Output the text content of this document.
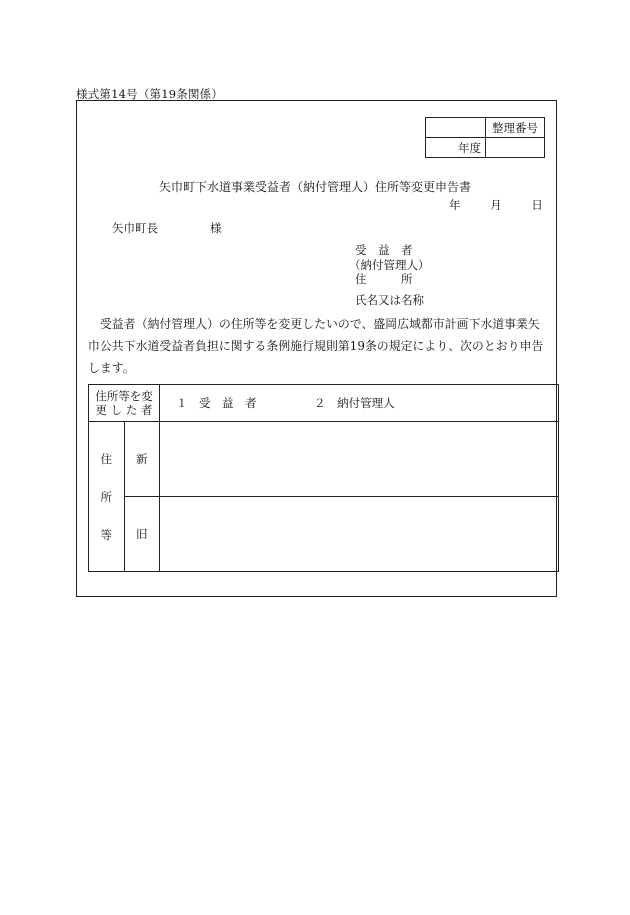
様式第14号（第19条関係）
	整理番号
年度	
矢巾町下水道事業受益者（納付管理人）住所等変更申告書
年	月	日
矢巾町長	様
受　益　者
（納付管理人）
住　　　所
氏名又は名称
受益者（納付管理人）の住所等を変更したいので、盛岡広域都市計画下水道事業矢巾公共下水道受益者負担に関する条例施行規則第19条の規定により、次のとおり申告します。
住所等を変
更 し た 者		１　受　益　者 ２　納付管理人

住
所
等	新	
	旧	
